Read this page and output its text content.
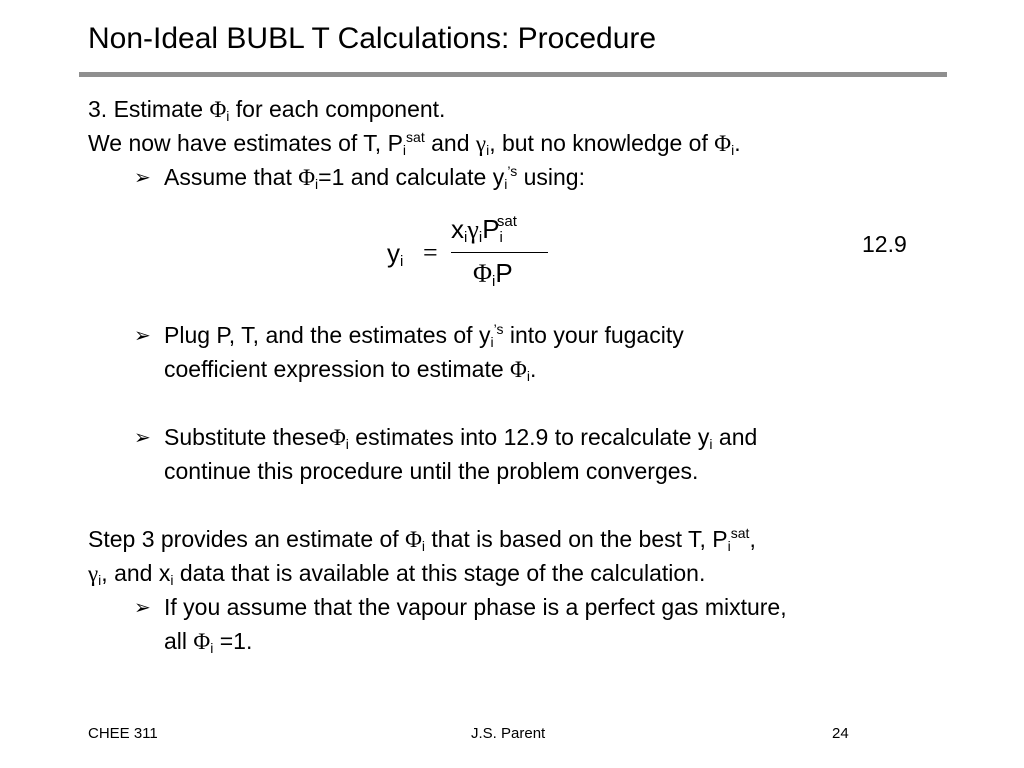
Non-Ideal BUBL T Calculations: Procedure
3. Estimate $\Phi_i$ for each component.
We now have estimates of T, $P_i^{sat}$ and $\gamma_i$, but no knowledge of $\Phi_i$.
➢ Assume that $\Phi_i=1$ and calculate $y_i^{’s}$ using:
$y_i$ =
$x_i\gamma_iP_i^{sat}$
$\Phi_iP$
12.9
➢ Plug P, T, and the estimates of $y_i^{’s}$ into your fugacity
coefficient expression to estimate $\Phi_i$.
➢ Substitute theseΦ$_i$ estimates into 12.9 to recalculate $y_i$ and
continue this procedure until the problem converges.
Step 3 provides an estimate of $\Phi_i$ that is based on the best T, $P_i^{sat}$,
$\gamma_i$, and $x_i$ data that is available at this stage of the calculation.
➢ If you assume that the vapour phase is a perfect gas mixture,
all $\Phi_i =1$.
CHEE 311	J.S. Parent	24
